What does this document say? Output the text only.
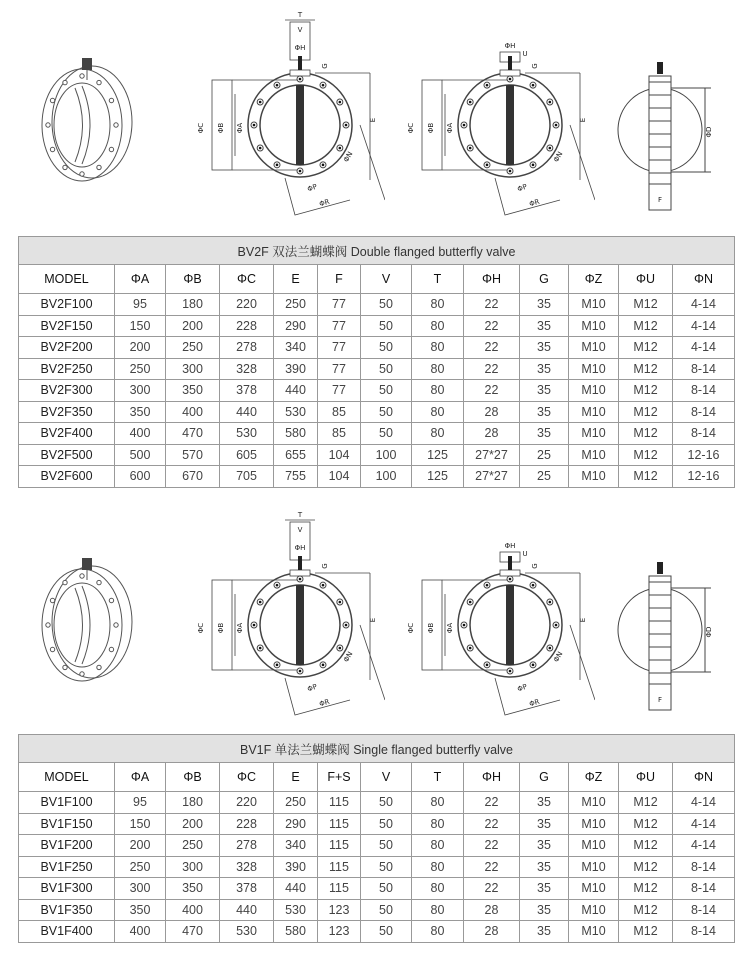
ΦC ΦB ΦA
E
G
ΦN
ΦP
ΦR
T
V
ΦH
ΦC ΦB ΦA
E
G
ΦN
ΦP
ΦR
ΦH
U
ΦD
F
ΦC ΦB ΦA
E
G
ΦN
ΦP
ΦR
T
V
ΦH
ΦC ΦB ΦA
E
G
ΦN
ΦP
ΦR
ΦH
U
ΦD
F
BV2F 双法兰蝴蝶阀 Double flanged butterfly valve
MODEL	ΦA	ΦB	ΦC	E	F	V	T	ΦH	G	ΦZ	ΦU	ΦN
BV2F100	95	180	220	250	77	50	80	22	35	M10	M12	4-14
BV2F150	150	200	228	290	77	50	80	22	35	M10	M12	4-14
BV2F200	200	250	278	340	77	50	80	22	35	M10	M12	4-14
BV2F250	250	300	328	390	77	50	80	22	35	M10	M12	8-14
BV2F300	300	350	378	440	77	50	80	22	35	M10	M12	8-14
BV2F350	350	400	440	530	85	50	80	28	35	M10	M12	8-14
BV2F400	400	470	530	580	85	50	80	28	35	M10	M12	8-14
BV2F500	500	570	605	655	104	100	125	27*27	25	M10	M12	12-16
BV2F600	600	670	705	755	104	100	125	27*27	25	M10	M12	12-16
BV1F 单法兰蝴蝶阀 Single flanged butterfly valve
MODEL	ΦA	ΦB	ΦC	E	F+S	V	T	ΦH	G	ΦZ	ΦU	ΦN
BV1F100	95	180	220	250	115	50	80	22	35	M10	M12	4-14
BV1F150	150	200	228	290	115	50	80	22	35	M10	M12	4-14
BV1F200	200	250	278	340	115	50	80	22	35	M10	M12	4-14
BV1F250	250	300	328	390	115	50	80	22	35	M10	M12	8-14
BV1F300	300	350	378	440	115	50	80	22	35	M10	M12	8-14
BV1F350	350	400	440	530	123	50	80	28	35	M10	M12	8-14
BV1F400	400	470	530	580	123	50	80	28	35	M10	M12	8-14
